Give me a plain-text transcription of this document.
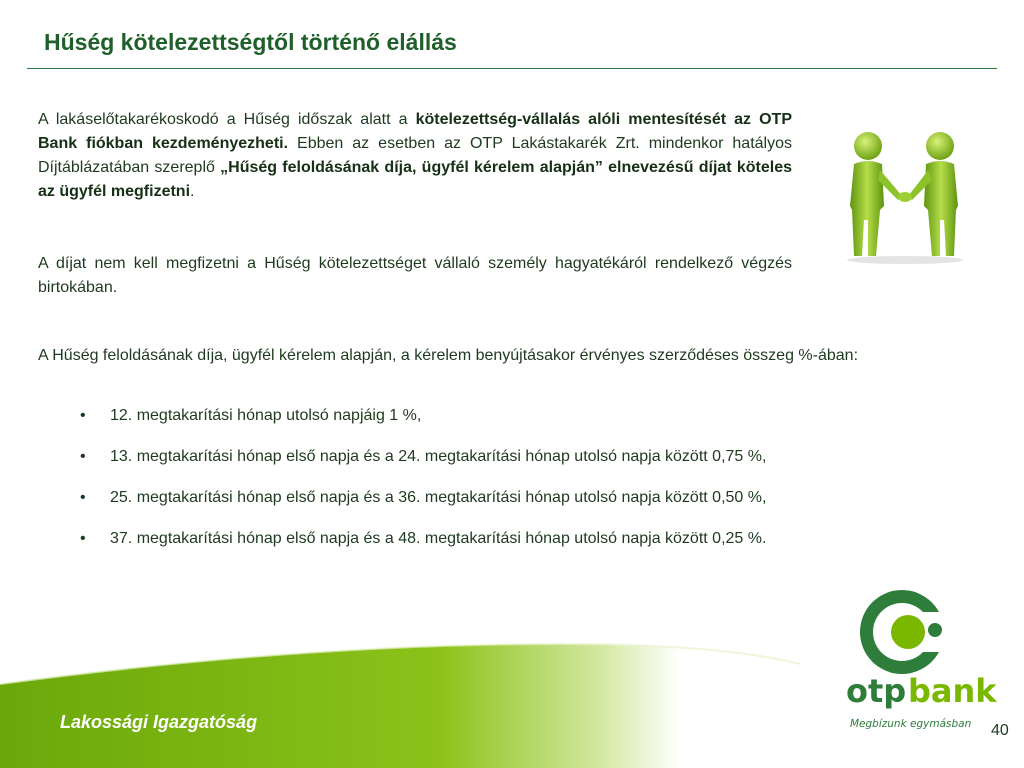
Hűség kötelezettségtől történő elállás

A lakáselőtakarékoskodó a Hűség időszak alatt a kötelezettség-vállalás alóli mentesítését az OTP Bank fiókban kezdeményezheti. Ebben az esetben az OTP Lakástakarék Zrt. mindenkor hatályos Díjtáblázatában szereplő „Hűség feloldásának díja, ügyfél kérelem alapján” elnevezésű díjat köteles az ügyfél megfizetni.

A díjat nem kell megfizetni a Hűség kötelezettséget vállaló személy hagyatékáról rendelkező végzés birtokában.

A Hűség feloldásának díja, ügyfél kérelem alapján, a kérelem benyújtásakor érvényes szerződéses összeg %-ában:

• 12. megtakarítási hónap utolsó napjáig 1 %,
• 13. megtakarítási hónap első napja és a 24. megtakarítási hónap utolsó napja között 0,75 %,
• 25. megtakarítási hónap első napja és a 36. megtakarítási hónap utolsó napja között 0,50 %,
• 37. megtakarítási hónap első napja és a 48. megtakarítási hónap utolsó napja között 0,25 %.

Lakossági Igazgatóság

otp bank
Megbízunk egymásban 40
